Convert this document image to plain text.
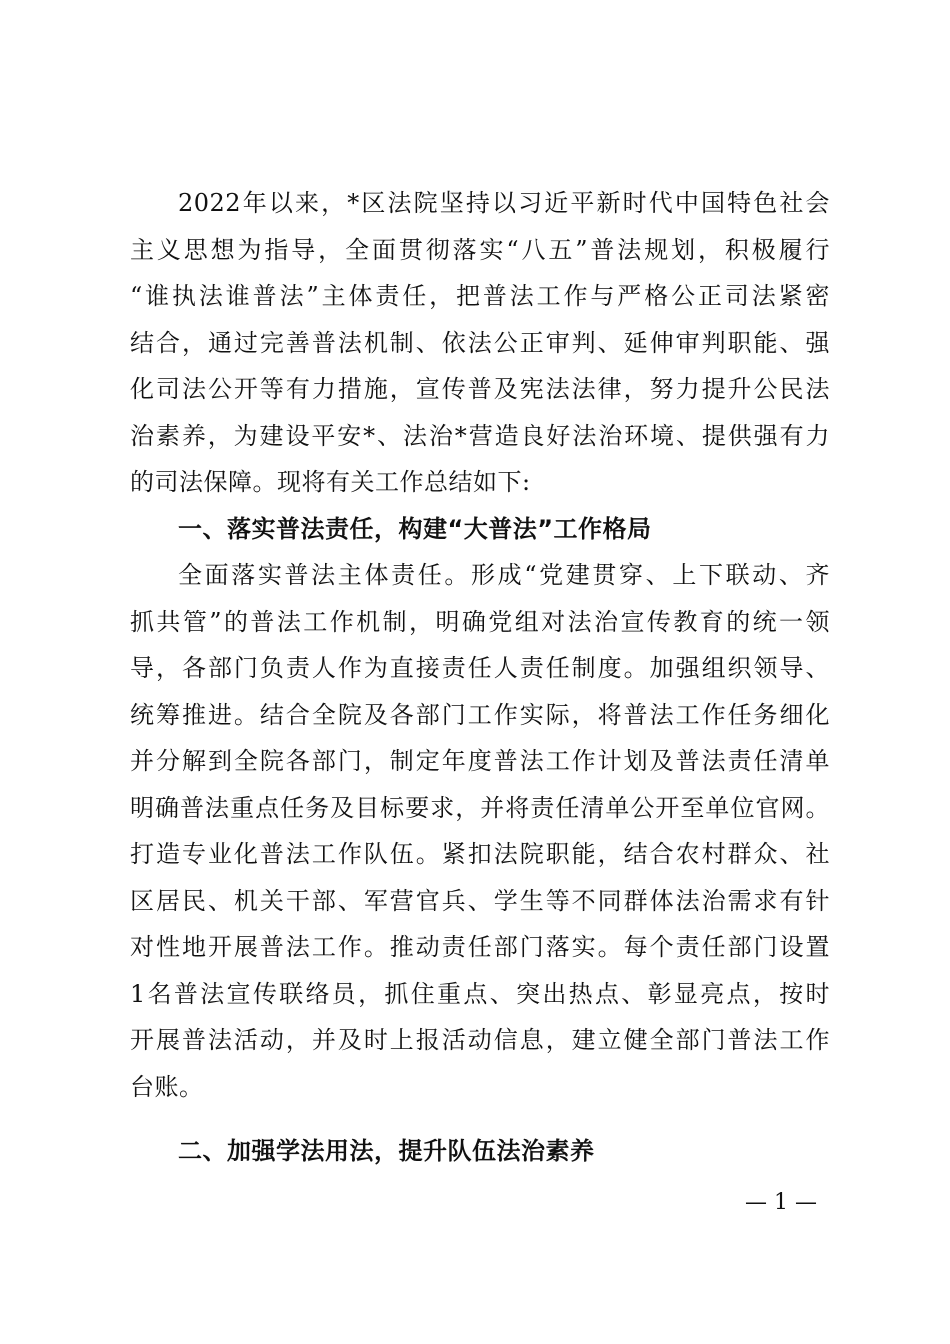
2022年以来，*区法院坚持以习近平新时代中国特色社会
主义思想为指导，全面贯彻落实“八五”普法规划，积极履行
“谁执法谁普法”主体责任，把普法工作与严格公正司法紧密
结合，通过完善普法机制、依法公正审判、延伸审判职能、强
化司法公开等有力措施，宣传普及宪法法律，努力提升公民法
治素养，为建设平安*、法治*营造良好法治环境、提供强有力
的司法保障。现将有关工作总结如下:
一、落实普法责任，构建“大普法”工作格局
全面落实普法主体责任。形成“党建贯穿、上下联动、齐
抓共管”的普法工作机制，明确党组对法治宣传教育的统一领
导，各部门负责人作为直接责任人责任制度。加强组织领导、
统筹推进。结合全院及各部门工作实际，将普法工作任务细化
并分解到全院各部门，制定年度普法工作计划及普法责任清单
明确普法重点任务及目标要求，并将责任清单公开至单位官网。
打造专业化普法工作队伍。紧扣法院职能，结合农村群众、社
区居民、机关干部、军营官兵、学生等不同群体法治需求有针
对性地开展普法工作。推动责任部门落实。每个责任部门设置
1名普法宣传联络员，抓住重点、突出热点、彰显亮点，按时
开展普法活动，并及时上报活动信息，建立健全部门普法工作
台账。
二、加强学法用法，提升队伍法治素养
— 1 —
